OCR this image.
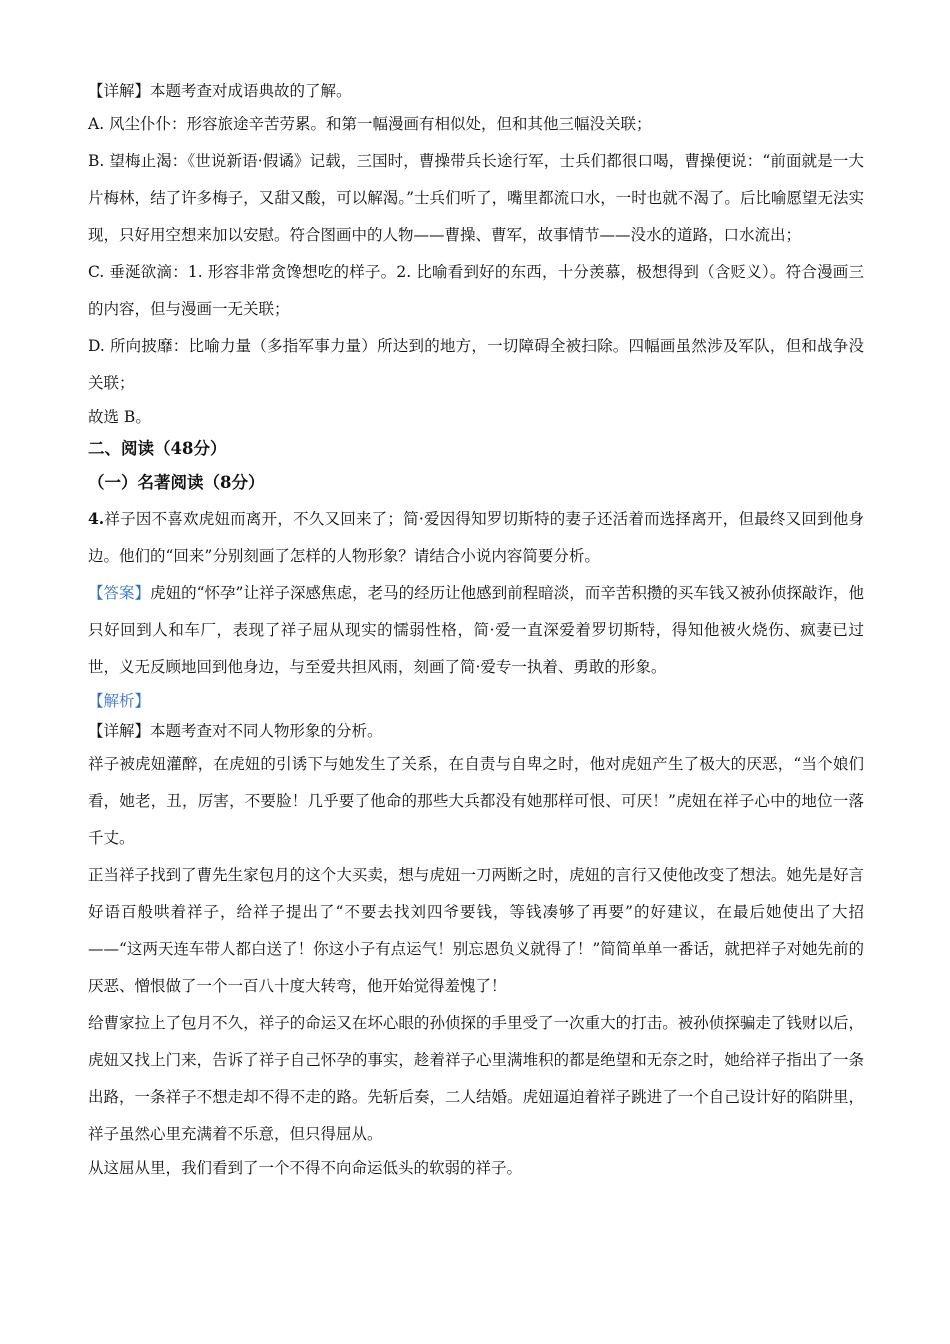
【详解】本题考查对成语典故的了解。

A. 风尘仆仆：形容旅途辛苦劳累。和第一幅漫画有相似处，但和其他三幅没关联；

B. 望梅止渴：《世说新语·假谲》记载，三国时，曹操带兵长途行军，士兵们都很口喝，曹操便说：“前面就是一大片梅林，结了许多梅子，又甜又酸，可以解渴。”士兵们听了，嘴里都流口水，一时也就不渴了。后比喻愿望无法实现，只好用空想来加以安慰。符合图画中的人物——曹操、曹军，故事情节——没水的道路，口水流出；

C. 垂涎欲滴：1. 形容非常贪馋想吃的样子。2. 比喻看到好的东西，十分羡慕，极想得到（含贬义）。符合漫画三的内容，但与漫画一无关联；

D. 所向披靡：比喻力量（多指军事力量）所达到的地方，一切障碍全被扫除。四幅画虽然涉及军队，但和战争没关联；

故选 B。

二、阅读（48分）

（一）名著阅读（8分）

4.祥子因不喜欢虎妞而离开，不久又回来了；简·爱因得知罗切斯特的妻子还活着而选择离开，但最终又回到他身边。他们的“回来”分别刻画了怎样的人物形象？请结合小说内容简要分析。

【答案】虎妞的“怀孕”让祥子深感焦虑，老马的经历让他感到前程暗淡，而辛苦积攒的买车钱又被孙侦探敲诈，他只好回到人和车厂，表现了祥子屈从现实的懦弱性格，简·爱一直深爱着罗切斯特，得知他被火烧伤、疯妻已过世，义无反顾地回到他身边，与至爱共担风雨，刻画了简·爱专一执着、勇敢的形象。

【解析】

【详解】本题考查对不同人物形象的分析。

祥子被虎妞灌醉，在虎妞的引诱下与她发生了关系，在自责与自卑之时，他对虎妞产生了极大的厌恶，“当个娘们看，她老，丑，厉害，不要脸！几乎要了他命的那些大兵都没有她那样可恨、可厌！”虎妞在祥子心中的地位一落千丈。

正当祥子找到了曹先生家包月的这个大买卖，想与虎妞一刀两断之时，虎妞的言行又使他改变了想法。她先是好言好语百般哄着祥子，给祥子提出了“不要去找刘四爷要钱，等钱凑够了再要”的好建议，在最后她使出了大招——“这两天连车带人都白送了！你这小子有点运气！别忘恩负义就得了！”简简单单一番话，就把祥子对她先前的厌恶、憎恨做了一个一百八十度大转弯，他开始觉得羞愧了！

给曹家拉上了包月不久，祥子的命运又在坏心眼的孙侦探的手里受了一次重大的打击。被孙侦探骗走了钱财以后，虎妞又找上门来，告诉了祥子自己怀孕的事实，趁着祥子心里满堆积的都是绝望和无奈之时，她给祥子指出了一条出路，一条祥子不想走却不得不走的路。先斩后奏，二人结婚。虎妞逼迫着祥子跳进了一个自己设计好的陷阱里，祥子虽然心里充满着不乐意，但只得屈从。

从这屈从里，我们看到了一个不得不向命运低头的软弱的祥子。
